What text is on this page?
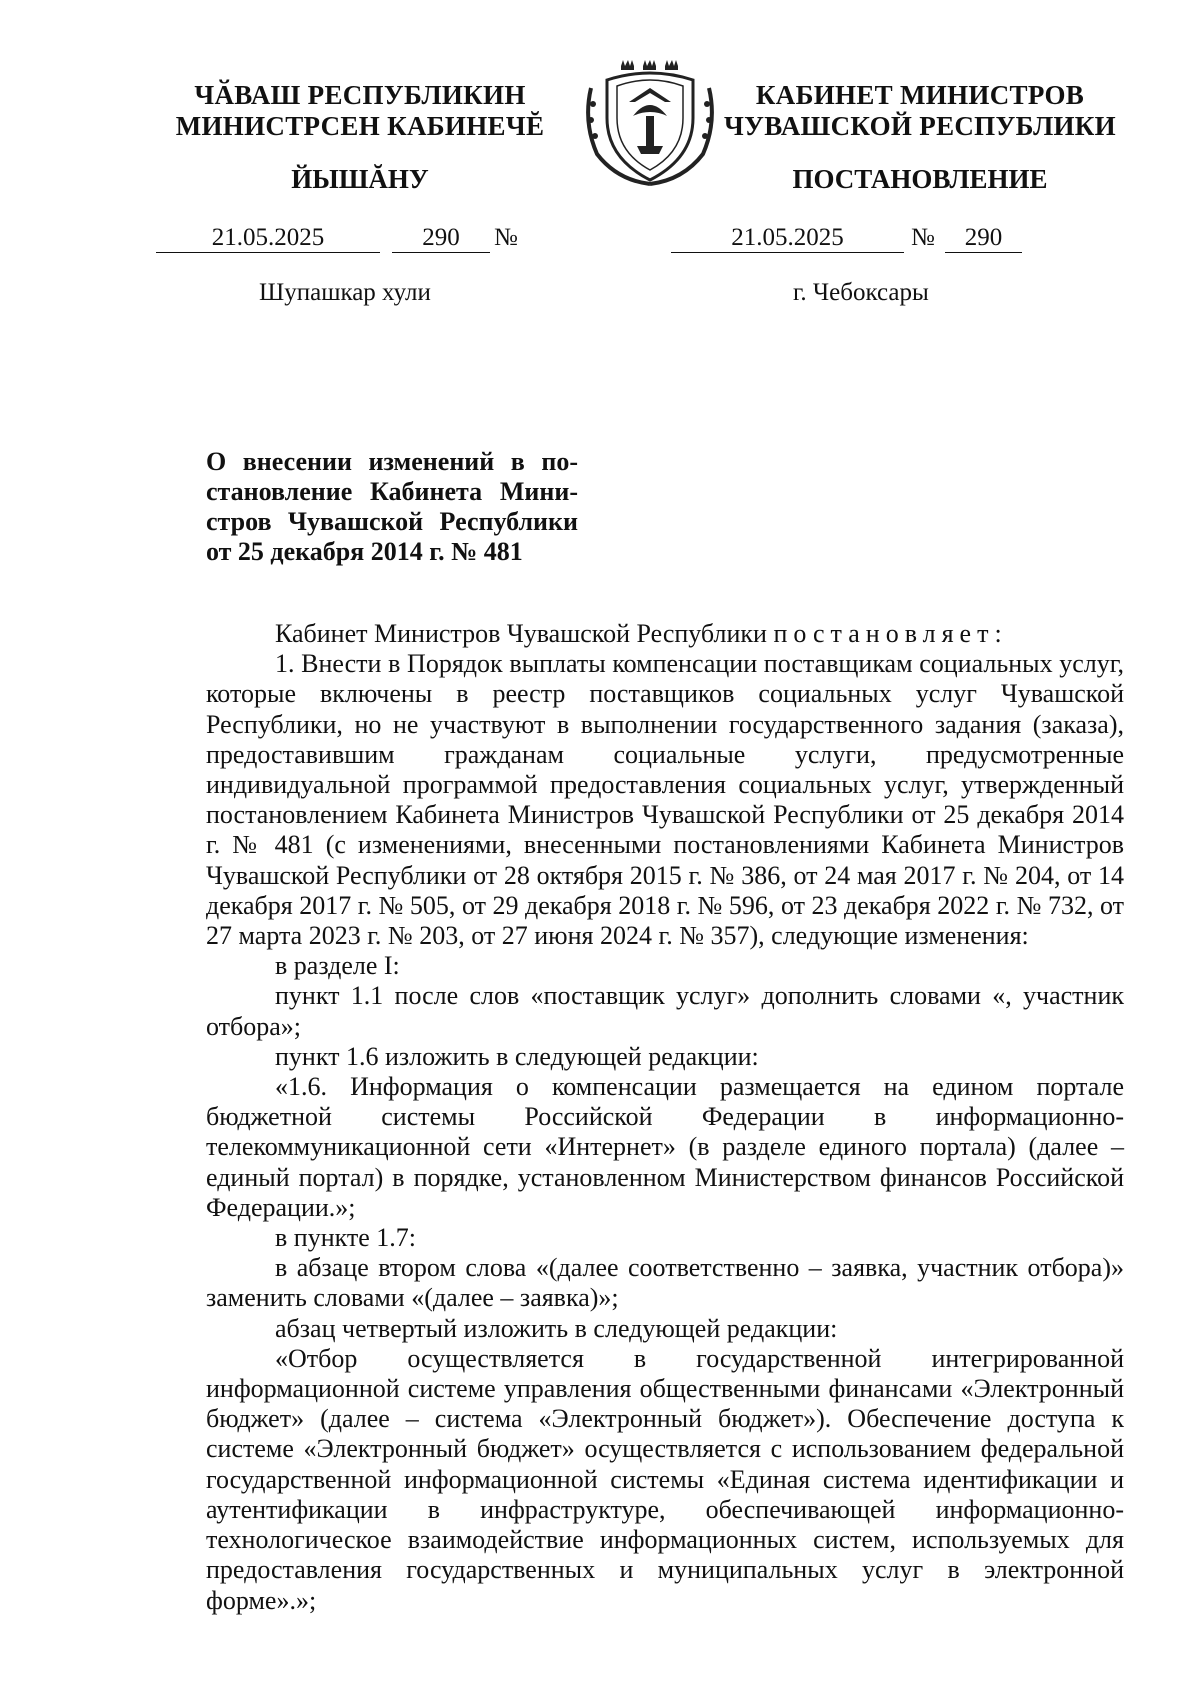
ЧӐВАШ РЕСПУБЛИКИН
МИНИСТРСЕН КАБИНЕЧĔ
ЙЫШĂНУ
КАБИНЕТ МИНИСТРОВ
ЧУВАШСКОЙ РЕСПУБЛИКИ
ПОСТАНОВЛЕНИЕ
21.05.2025	290	№	21.05.2025	№	290
Шупашкар хули	г. Чебоксары
О внесении изменений в по-
становление Кабинета Мини-
стров Чувашской Республики
от 25 декабря 2014 г. № 481

Кабинет Министров Чувашской Республики постановляет:

1. Внести в Порядок выплаты компенсации поставщикам социальных услуг, которые включены в реестр поставщиков социальных услуг Чувашской Республики, но не участвуют в выполнении государственного задания (заказа), предоставившим гражданам социальные услуги, предусмотренные индивидуальной программой предоставления социальных услуг, утвержденный постановлением Кабинета Министров Чувашской Республики от 25 декабря 2014 г. № 481 (с изменениями, внесенными постановлениями Кабинета Министров Чувашской Республики от 28 октября 2015 г. № 386, от 24 мая 2017 г. № 204, от 14 декабря 2017 г. № 505, от 29 декабря 2018 г. № 596, от 23 декабря 2022 г. № 732, от 27 марта 2023 г. № 203, от 27 июня 2024 г. № 357), следующие изменения:

в разделе I:

пункт 1.1 после слов «поставщик услуг» дополнить словами «, участник отбора»;

пункт 1.6 изложить в следующей редакции:

«1.6. Информация о компенсации размещается на едином портале бюджетной системы Российской Федерации в информационно-телекоммуникационной сети «Интернет» (в разделе единого портала) (далее – единый портал) в порядке, установленном Министерством финансов Российской Федерации.»;

в пункте 1.7:

в абзаце втором слова «(далее соответственно – заявка, участник отбора)» заменить словами «(далее – заявка)»;

абзац четвертый изложить в следующей редакции:

«Отбор осуществляется в государственной интегрированной информационной системе управления общественными финансами «Электронный бюджет» (далее – система «Электронный бюджет»). Обеспечение доступа к системе «Электронный бюджет» осуществляется с использованием федеральной государственной информационной системы «Единая система идентификации и аутентификации в инфраструктуре, обеспечивающей информационно-технологическое взаимодействие информационных систем, используемых для предоставления государственных и муниципальных услуг в электронной форме».»;
